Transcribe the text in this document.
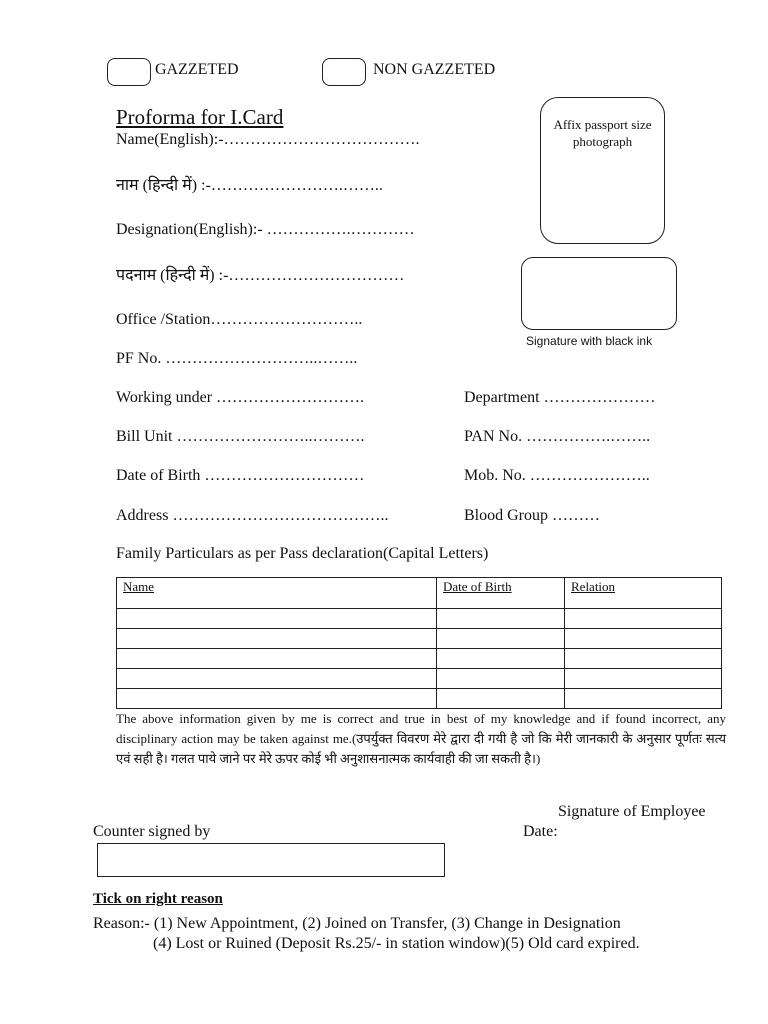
GAZZETED	NON GAZZETED
Proforma for I.Card	Affix passport size photograph
Signature with black ink
Name(English):-……………………………….
नाम (हिन्दी में) :-…………………….……..
Designation(English):- …………….…………
पदनाम (हिन्दी में) :-……………………………
Office /Station………………………..
PF No. ………………………..……..
Working under ……………………….	Department …………………
Bill Unit ……………………..……….	PAN No. …………….……..
Date of Birth …………………………	Mob. No. …………………..
Address …………………………………..	Blood Group ………
Family Particulars as per Pass declaration(Capital Letters)
Name	Date of Birth	Relation

The above information given by me is correct and true in best of my knowledge and if found incorrect, any disciplinary action may be taken against me.(उपर्युक्त विवरण मेरे द्वारा दी गयी है जो कि मेरी जानकारी के अनुसार पूर्णतः सत्य एवं सही है। गलत पाये जाने पर मेरे ऊपर कोई भी अनुशासनात्मक कार्यवाही की जा सकती है।)
Signature of Employee
Counter signed by	Date:
Tick on right reason
Reason:- (1) New Appointment, (2) Joined on Transfer, (3) Change in Designation
(4) Lost or Ruined (Deposit Rs.25/- in station window)(5) Old card expired.
